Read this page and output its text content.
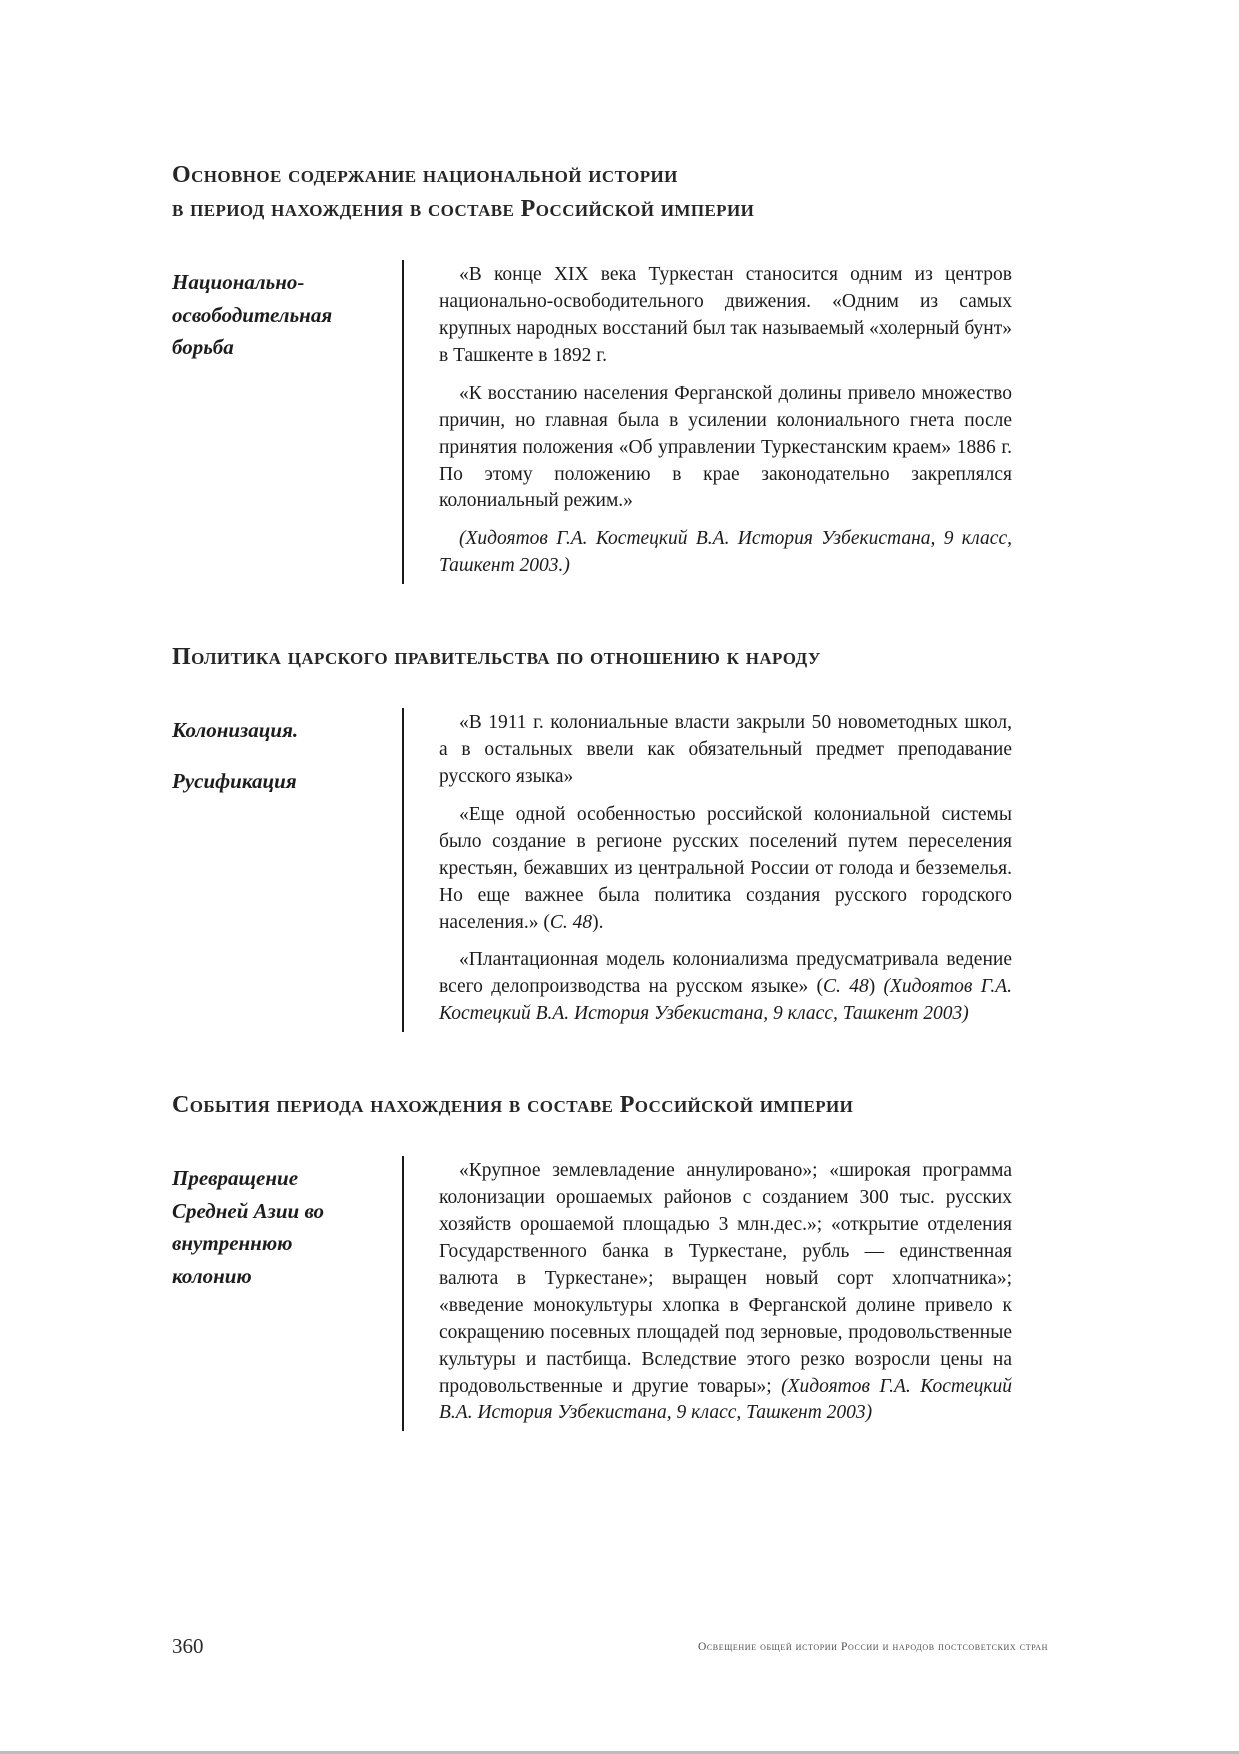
Основное содержание национальной истории
в период нахождения в составе Российской империи

Национально-освободительная борьба

«В конце XIX века Туркестан станосится одним из центров национально-освободительного движения. «Одним из самых крупных народных восстаний был так называемый «холерный бунт» в Ташкенте в 1892 г.

«К восстанию населения Ферганской долины привело множество причин, но главная была в усилении колониального гнета после принятия положения «Об управлении Туркестанским краем» 1886 г. По этому положению в крае законодательно закреплялся колониальный режим.»

(Хидоятов Г.А. Костецкий В.А. История Узбекистана, 9 класс, Ташкент 2003.)

Политика царского правительства по отношению к народу

Колонизация.

Русификация

«В 1911 г. колониальные власти закрыли 50 новометодных школ, а в остальных ввели как обязательный предмет преподавание русского языка»

«Еще одной особенностью российской колониальной системы было создание в регионе русских поселений путем переселения крестьян, бежавших из центральной России от голода и безземелья. Но еще важнее была политика создания русского городского населения.» (С. 48).

«Плантационная модель колониализма предусматривала ведение всего делопроизводства на русском языке» (С. 48) (Хидоятов Г.А. Костецкий В.А. История Узбекистана, 9 класс, Ташкент 2003)

События периода нахождения в составе Российской империи

Превращение Средней Азии во внутреннюю колонию

«Крупное землевладение аннулировано»; «широкая программа колонизации орошаемых районов с созданием 300 тыс. русских хозяйств орошаемой площадью 3 млн.дес.»; «открытие отделения Государственного банка в Туркестане, рубль — единственная валюта в Туркестане»; выращен новый сорт хлопчатника»; «введение монокультуры хлопка в Ферганской долине привело к сокращению посевных площадей под зерновые, продовольственные культуры и пастбища. Вследствие этого резко возросли цены на продовольственные и другие товары»; (Хидоятов Г.А. Костецкий В.А. История Узбекистана, 9 класс, Ташкент 2003)

360	Освещение общей истории России и народов постсоветских стран
